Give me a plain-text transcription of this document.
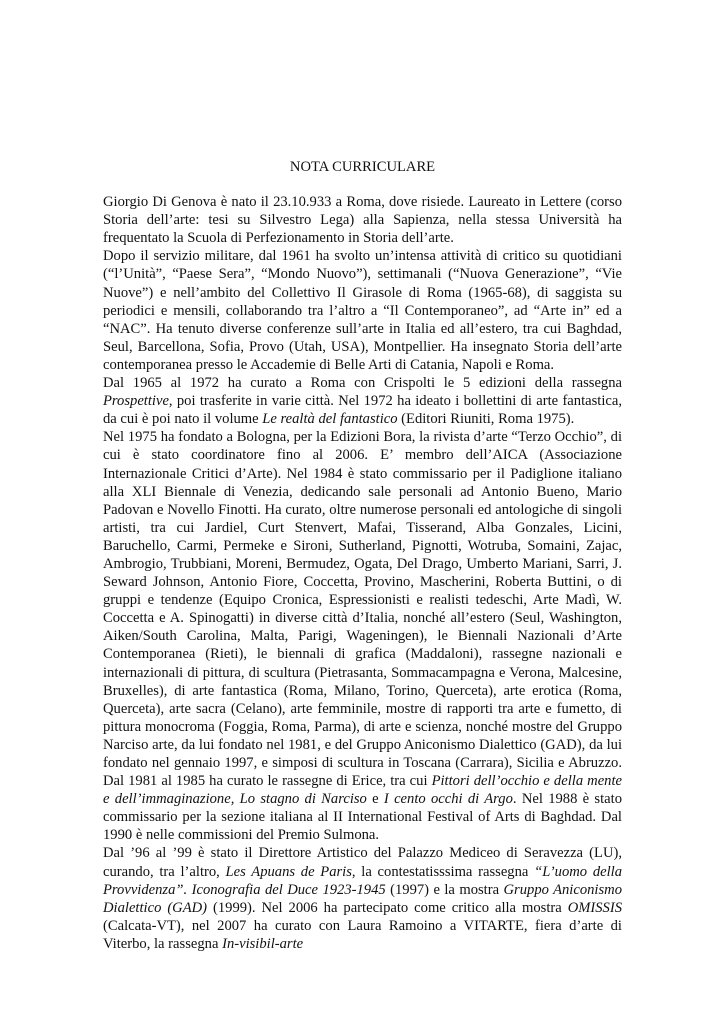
NOTA CURRICULARE

Giorgio Di Genova è nato il 23.10.933 a Roma, dove risiede. Laureato in Lettere (corso Storia dell’arte: tesi su Silvestro Lega) alla Sapienza, nella stessa Università ha frequentato la Scuola di Perfezionamento in Storia dell’arte.

Dopo il servizio militare, dal 1961 ha svolto un’intensa attività di critico su quotidiani (“l’Unità”, “Paese Sera”, “Mondo Nuovo”), settimanali (“Nuova Generazione”, “Vie Nuove”) e nell’ambito del Collettivo Il Girasole di Roma (1965-68), di saggista su periodici e mensili, collaborando tra l’altro a “Il Contemporaneo”, ad “Arte in” ed a “NAC”. Ha tenuto diverse conferenze sull’arte in Italia ed all’estero, tra cui Baghdad, Seul, Barcellona, Sofia, Provo (Utah, USA), Montpellier. Ha insegnato Storia dell’arte contemporanea presso le Accademie di Belle Arti di Catania, Napoli e Roma.

Dal 1965 al 1972 ha curato a Roma con Crispolti le 5 edizioni della rassegna Prospettive, poi trasferite in varie città. Nel 1972 ha ideato i bollettini di arte fantastica, da cui è poi nato il volume Le realtà del fantastico (Editori Riuniti, Roma 1975).

Nel 1975 ha fondato a Bologna, per la Edizioni Bora, la rivista d’arte “Terzo Occhio”, di cui è stato coordinatore fino al 2006. E’ membro dell’AICA (Associazione Internazionale Critici d’Arte). Nel 1984 è stato commissario per il Padiglione italiano alla XLI Biennale di Venezia, dedicando sale personali ad Antonio Bueno, Mario Padovan e Novello Finotti. Ha curato, oltre numerose personali ed antologiche di singoli artisti, tra cui Jardiel, Curt Stenvert, Mafai, Tisserand, Alba Gonzales, Licini, Baruchello, Carmi, Permeke e Sironi, Sutherland, Pignotti, Wotruba, Somaini, Zajac, Ambrogio, Trubbiani, Moreni, Bermudez, Ogata, Del Drago, Umberto Mariani, Sarri, J. Seward Johnson, Antonio Fiore, Coccetta, Provino, Mascherini, Roberta Buttini, o di gruppi e tendenze (Equipo Cronica, Espressionisti e realisti tedeschi, Arte Madì, W. Coccetta e A. Spinogatti) in diverse città d’Italia, nonché all’estero (Seul, Washington, Aiken/South Carolina, Malta, Parigi, Wageningen), le Biennali Nazionali d’Arte Contemporanea (Rieti), le biennali di grafica (Maddaloni), rassegne nazionali e internazionali di pittura, di scultura (Pietrasanta, Sommacampagna e Verona, Malcesine, Bruxelles), di arte fantastica (Roma, Milano, Torino, Querceta), arte erotica (Roma, Querceta), arte sacra (Celano), arte femminile, mostre di rapporti tra arte e fumetto, di pittura monocroma (Foggia, Roma, Parma), di arte e scienza, nonché mostre del Gruppo Narciso arte, da lui fondato nel 1981, e del Gruppo Aniconismo Dialettico (GAD), da lui fondato nel gennaio 1997, e simposi di scultura in Toscana (Carrara), Sicilia e Abruzzo. Dal 1981 al 1985 ha curato le rassegne di Erice, tra cui Pittori dell’occhio e della mente e dell’immaginazione, Lo stagno di Narciso e I cento occhi di Argo. Nel 1988 è stato commissario per la sezione italiana al II International Festival of Arts di Baghdad. Dal 1990 è nelle commissioni del Premio Sulmona.

Dal ’96 al ’99 è stato il Direttore Artistico del Palazzo Mediceo di Seravezza (LU), curando, tra l’altro, Les Apuans de Paris, la contestatisssima rassegna “L’uomo della Provvidenza”. Iconografia del Duce 1923-1945 (1997) e la mostra Gruppo Aniconismo Dialettico (GAD) (1999). Nel 2006 ha partecipato come critico alla mostra OMISSIS (Calcata-VT), nel 2007 ha curato con Laura Ramoino a VITARTE, fiera d’arte di Viterbo, la rassegna In-visibil-arte
